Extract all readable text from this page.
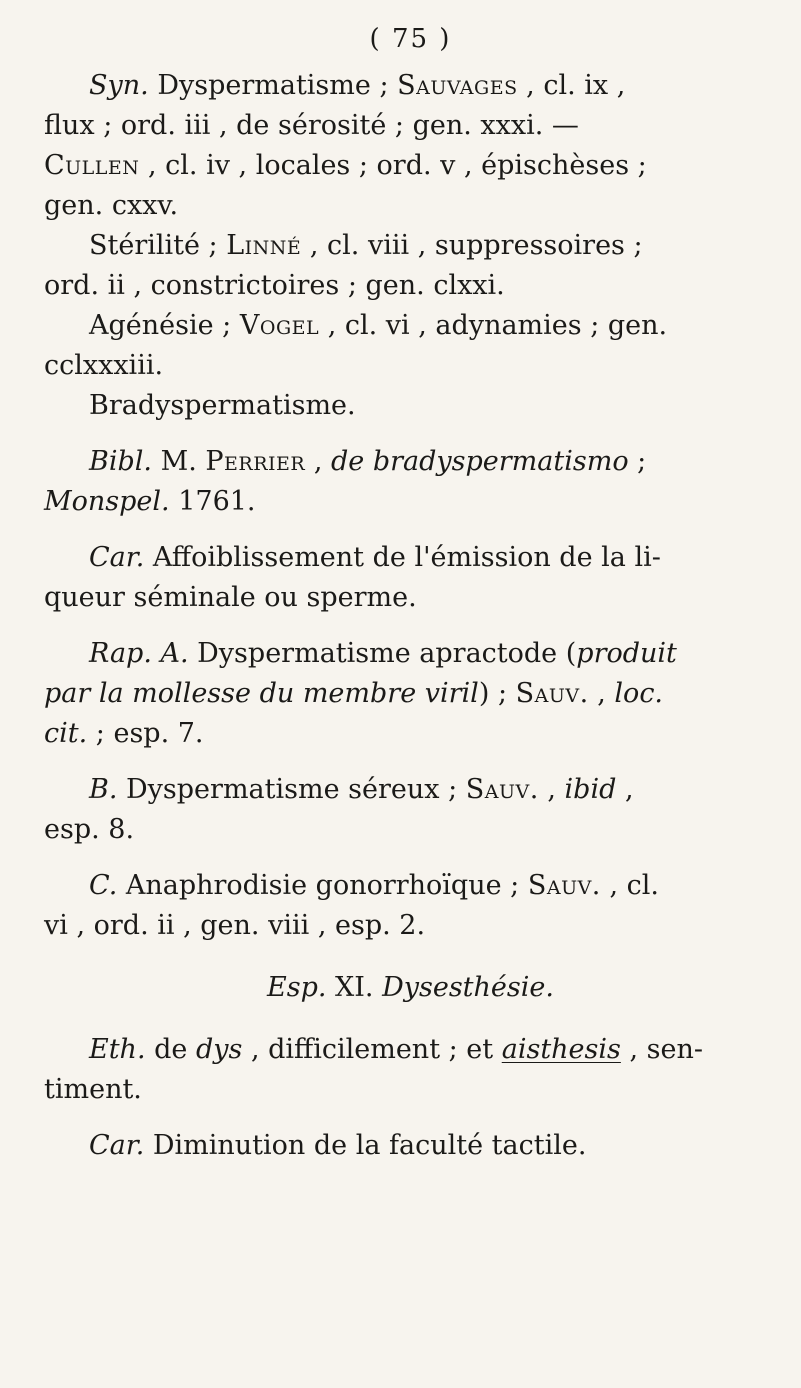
( 75 )

Syn. Dyspermatisme ; Sauvages , cl. ix ,

flux ; ord. iii , de sérosité ; gen. xxxi. —

Cullen , cl. iv , locales ; ord. v , épischèses ;

gen. cxxv.

Stérilité ; Linné , cl. viii , suppressoires ;

ord. ii , constrictoires ; gen. clxxi.

Agénésie ; Vogel , cl. vi , adynamies ; gen.

cclxxxiii.

Bradyspermatisme.

Bibl. M. Perrier , de bradyspermatismo ;

Monspel. 1761.

Car. Affoiblissement de l'émission de la li-

queur séminale ou sperme.

Rap. A. Dyspermatisme apractode (produit

par la mollesse du membre viril) ; Sauv. , loc.

cit. ; esp. 7.

B. Dyspermatisme séreux ; Sauv. , ibid ,

esp. 8.

C. Anaphrodisie gonorrhoïque ; Sauv. , cl.

vi , ord. ii , gen. viii , esp. 2.

Esp. XI. Dysesthésie.

Eth. de dys , difficilement ; et aisthesis , sen-

timent.

Car. Diminution de la faculté tactile.
